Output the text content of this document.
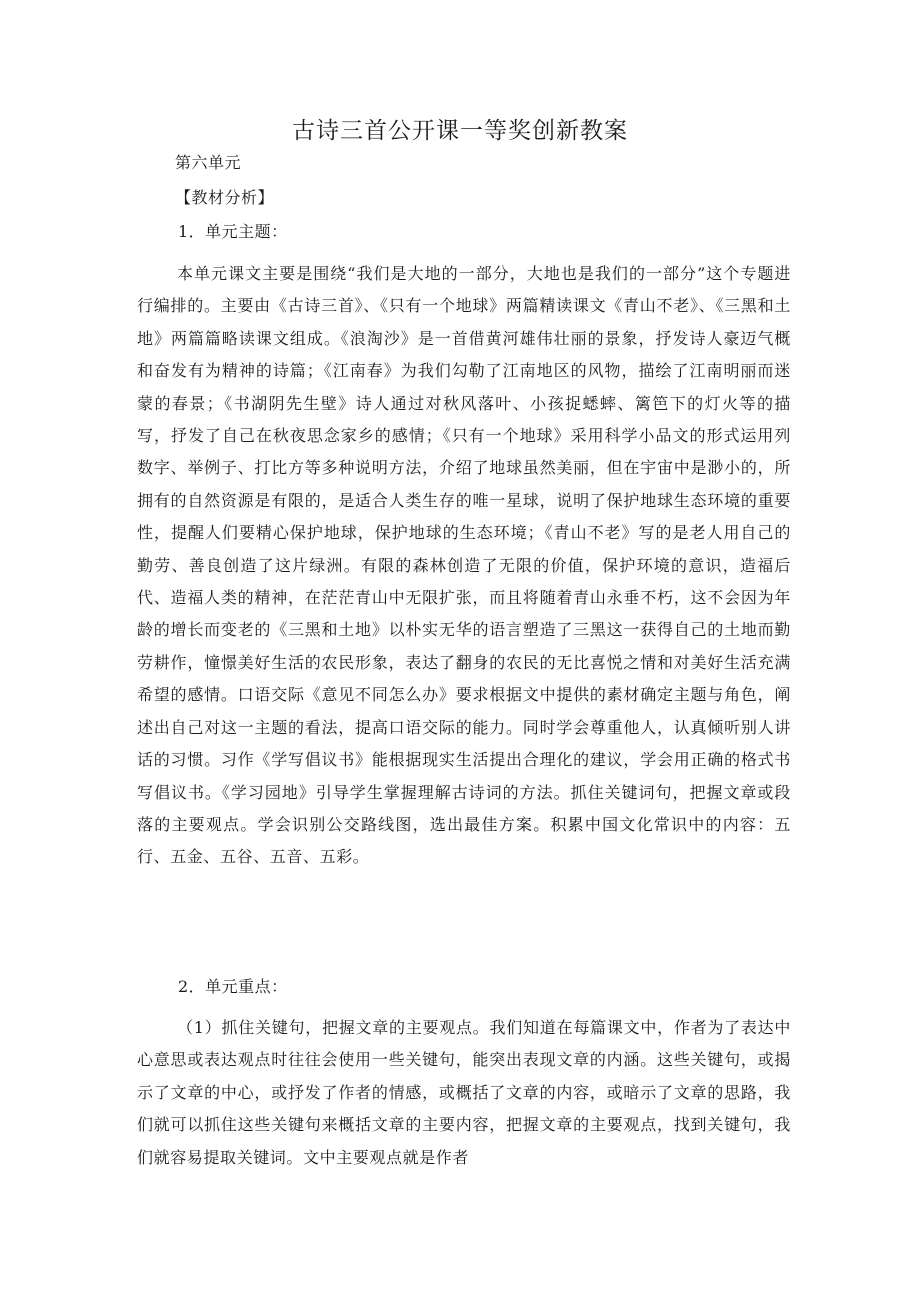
古诗三首公开课一等奖创新教案
第六单元
【教材分析】
1．单元主题：

本单元课文主要是围绕“我们是大地的一部分，大地也是我们的一部分”这个专题进行编排的。主要由《古诗三首》、《只有一个地球》两篇精读课文《青山不老》、《三黑和土地》两篇篇略读课文组成。《浪淘沙》是一首借黄河雄伟壮丽的景象，抒发诗人豪迈气概和奋发有为精神的诗篇；《江南春》为我们勾勒了江南地区的风物，描绘了江南明丽而迷蒙的春景；《书湖阴先生壁》诗人通过对秋风落叶、小孩捉蟋蟀、篱笆下的灯火等的描写，抒发了自己在秋夜思念家乡的感情；《只有一个地球》采用科学小品文的形式运用列数字、举例子、打比方等多种说明方法，介绍了地球虽然美丽，但在宇宙中是渺小的，所拥有的自然资源是有限的，是适合人类生存的唯一星球，说明了保护地球生态环境的重要性，提醒人们要精心保护地球，保护地球的生态环境；《青山不老》写的是老人用自己的勤劳、善良创造了这片绿洲。有限的森林创造了无限的价值，保护环境的意识，造福后代、造福人类的精神，在茫茫青山中无限扩张，而且将随着青山永垂不朽，这不会因为年龄的增长而变老的《三黑和土地》以朴实无华的语言塑造了三黑这一获得自己的土地而勤劳耕作，憧憬美好生活的农民形象，表达了翻身的农民的无比喜悦之情和对美好生活充满希望的感情。口语交际《意见不同怎么办》要求根据文中提供的素材确定主题与角色，阐述出自己对这一主题的看法，提高口语交际的能力。同时学会尊重他人，认真倾听别人讲话的习惯。习作《学写倡议书》能根据现实生活提出合理化的建议，学会用正确的格式书写倡议书。《学习园地》引导学生掌握理解古诗词的方法。抓住关键词句，把握文章或段落的主要观点。学会识别公交路线图，选出最佳方案。积累中国文化常识中的内容：五行、五金、五谷、五音、五彩。

2．单元重点：

（1）抓住关键句，把握文章的主要观点。我们知道在每篇课文中，作者为了表达中心意思或表达观点时往往会使用一些关键句，能突出表现文章的内涵。这些关键句，或揭示了文章的中心，或抒发了作者的情感，或概括了文章的内容，或暗示了文章的思路，我们就可以抓住这些关键句来概括文章的主要内容，把握文章的主要观点，找到关键句，我们就容易提取关键词。文中主要观点就是作者
